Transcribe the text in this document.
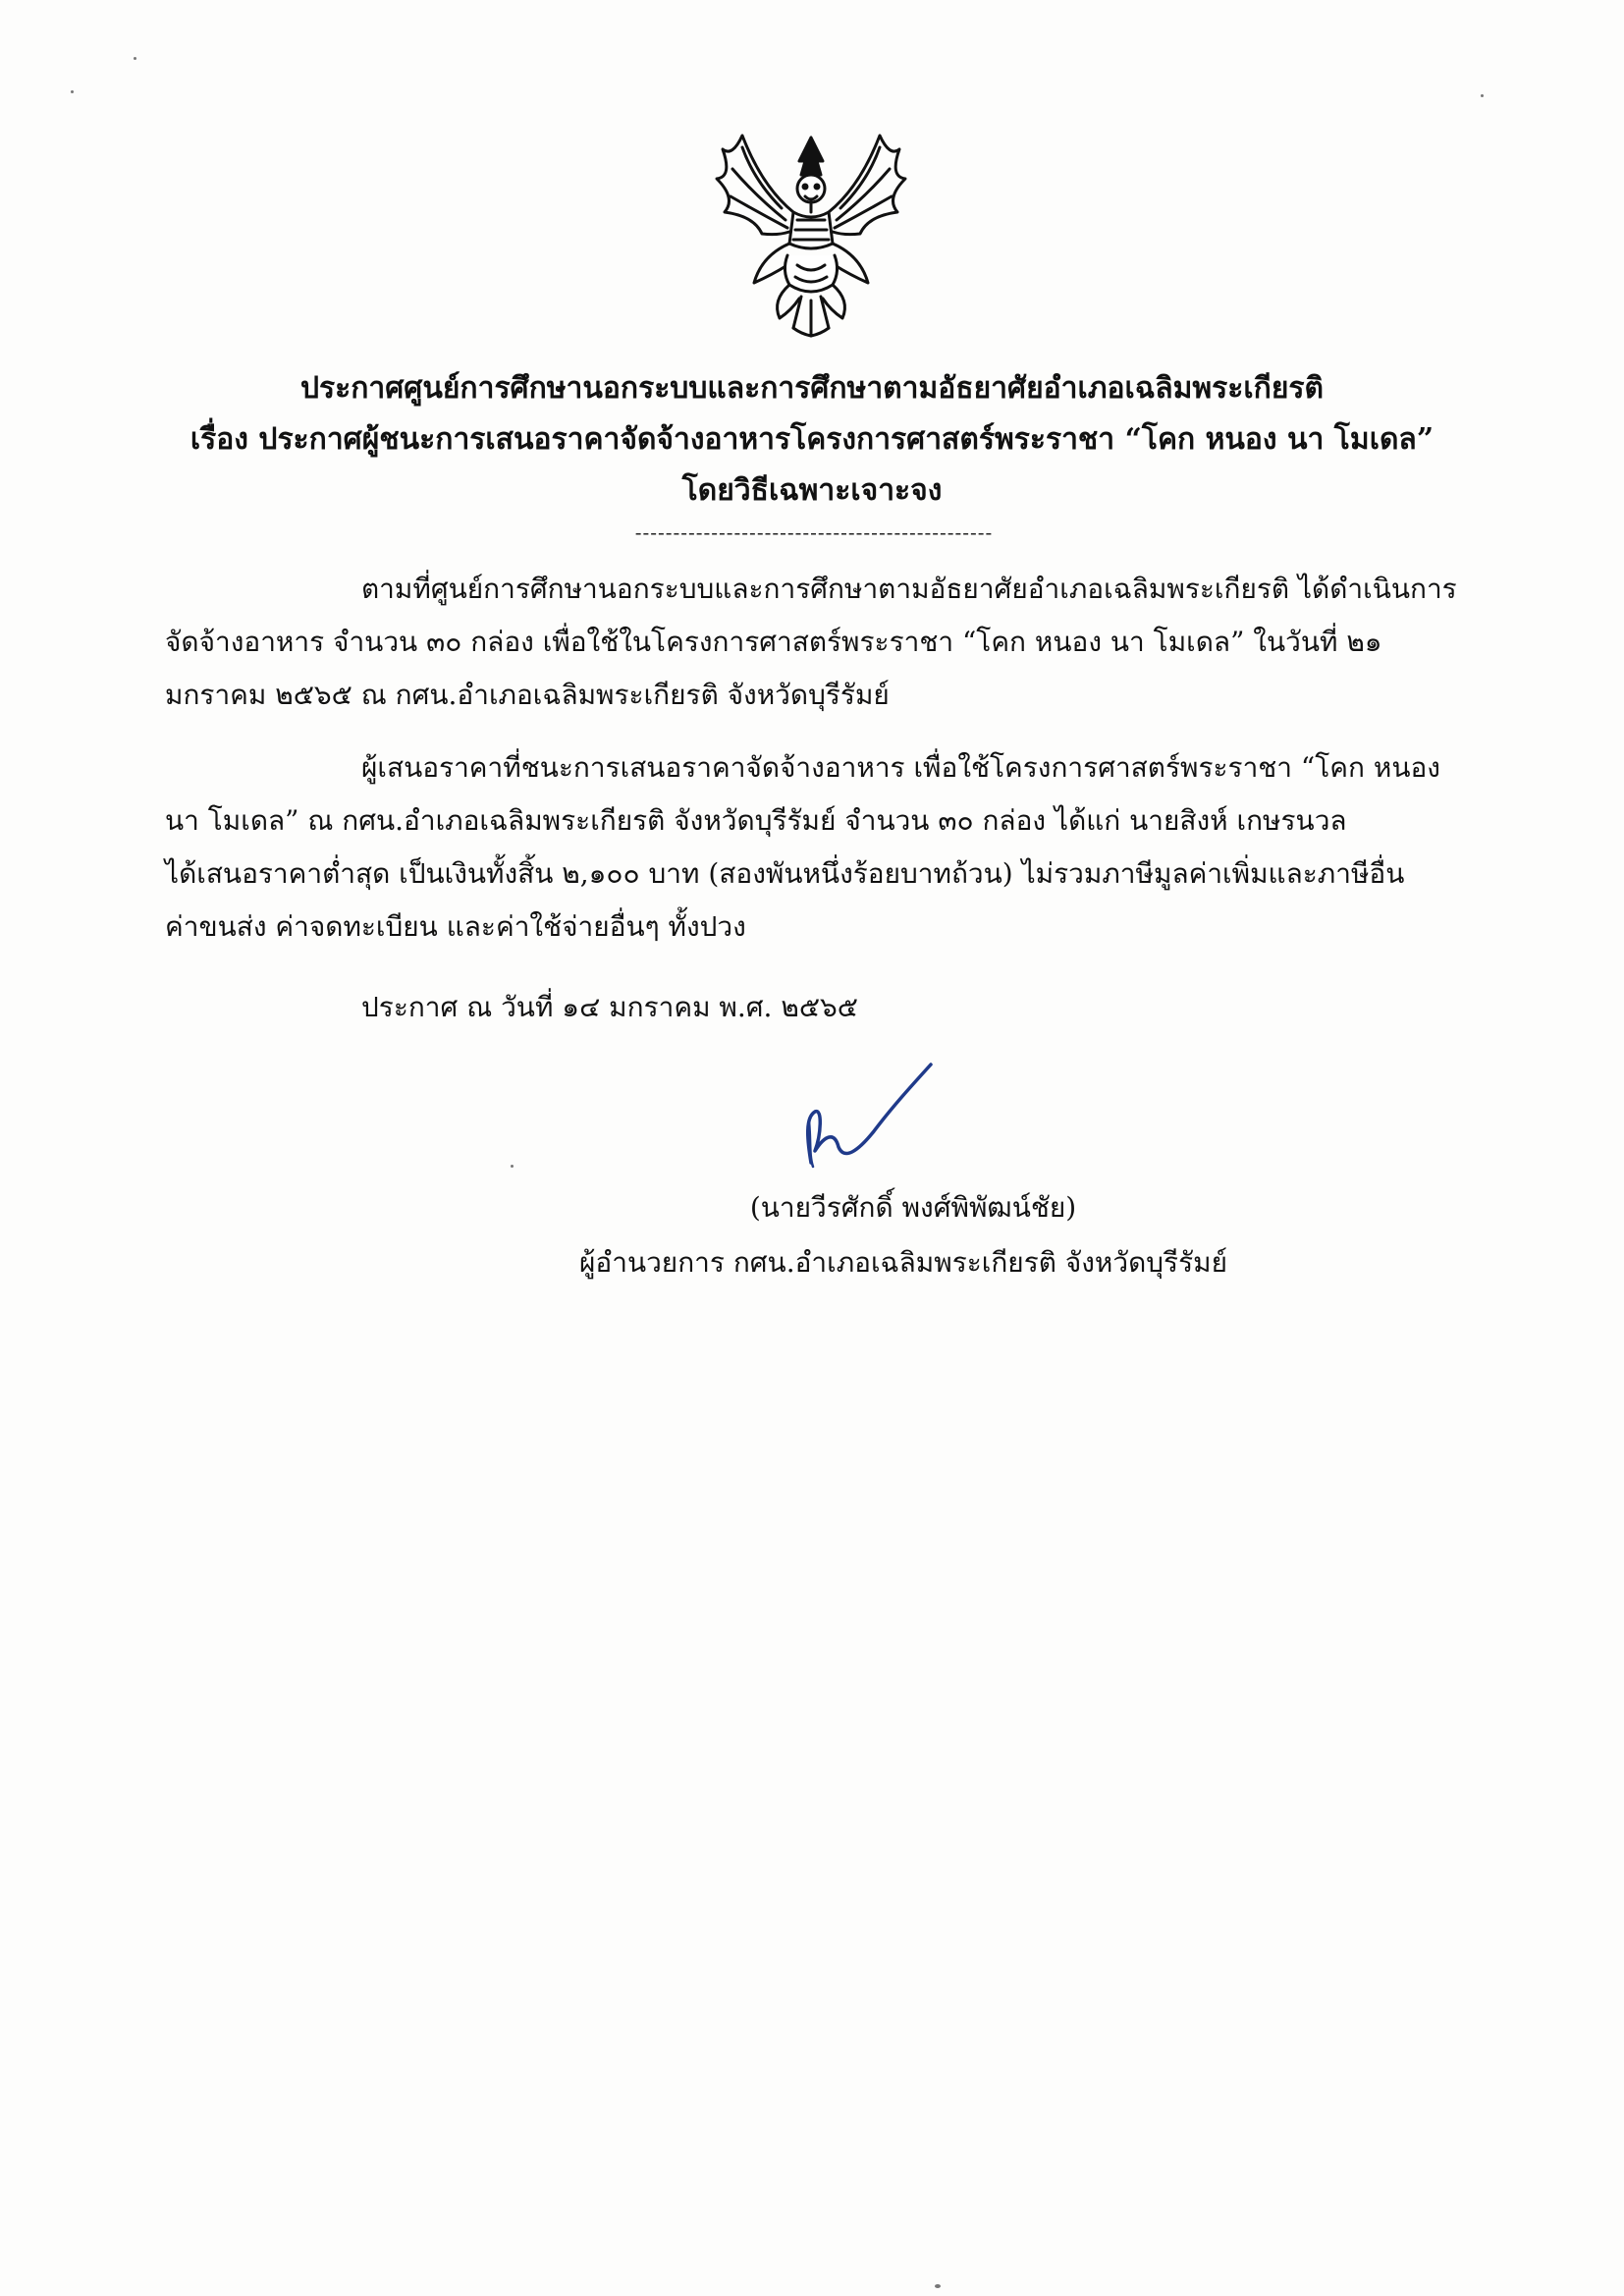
ประกาศศูนย์การศึกษานอกระบบและการศึกษาตามอัธยาศัยอำเภอเฉลิมพระเกียรติ
เรื่อง ประกาศผู้ชนะการเสนอราคาจัดจ้างอาหารโครงการศาสตร์พระราชา “โคก หนอง นา โมเดล”
โดยวิธีเฉพาะเจาะจง
-----------------------------------------------
ตามที่ศูนย์การศึกษานอกระบบและการศึกษาตามอัธยาศัยอำเภอเฉลิมพระเกียรติ ได้ดำเนินการ
จัดจ้างอาหาร จำนวน ๓๐ กล่อง เพื่อใช้ในโครงการศาสตร์พระราชา “โคก หนอง นา โมเดล” ในวันที่ ๒๑
มกราคม ๒๕๖๕ ณ กศน.อำเภอเฉลิมพระเกียรติ จังหวัดบุรีรัมย์
ผู้เสนอราคาที่ชนะการเสนอราคาจัดจ้างอาหาร เพื่อใช้โครงการศาสตร์พระราชา “โคก หนอง
นา โมเดล” ณ กศน.อำเภอเฉลิมพระเกียรติ จังหวัดบุรีรัมย์ จำนวน ๓๐ กล่อง ได้แก่ นายสิงห์ เกษรนวล
ได้เสนอราคาต่ำสุด เป็นเงินทั้งสิ้น ๒,๑๐๐ บาท (สองพันหนึ่งร้อยบาทถ้วน) ไม่รวมภาษีมูลค่าเพิ่มและภาษีอื่น
ค่าขนส่ง ค่าจดทะเบียน และค่าใช้จ่ายอื่นๆ ทั้งปวง
ประกาศ ณ วันที่ ๑๔ มกราคม พ.ศ. ๒๕๖๕
(นายวีรศักดิ์ พงศ์พิพัฒน์ชัย)
ผู้อำนวยการ กศน.อำเภอเฉลิมพระเกียรติ จังหวัดบุรีรัมย์
